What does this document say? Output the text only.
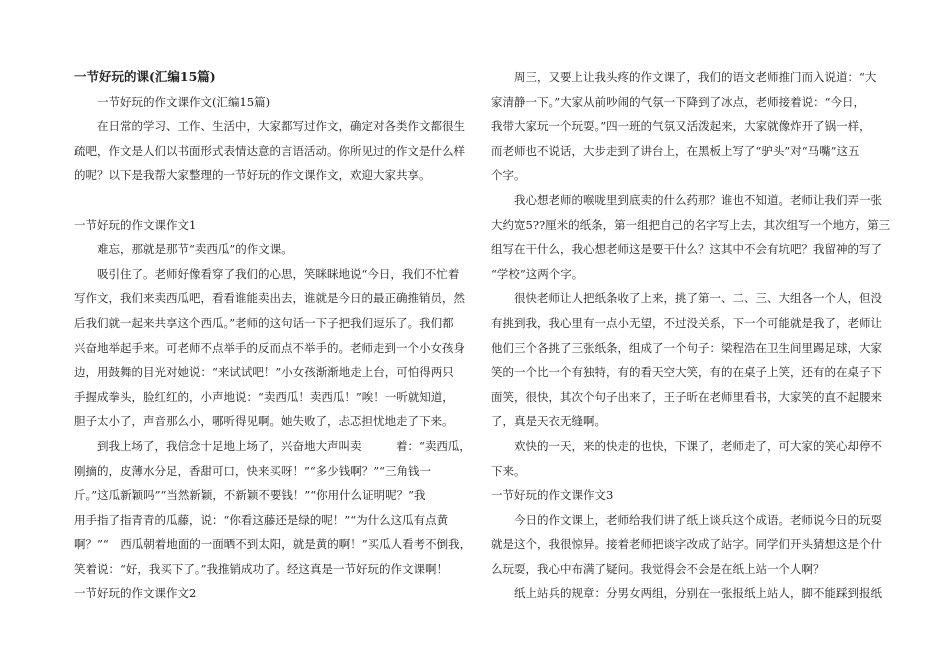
一节好玩的课(汇编15篇)

　　一节好玩的作文课作文(汇编15篇)

　　在日常的学习、工作、生活中，大家都写过作文，确定对各类作文都很生

疏吧，作文是人们以书面形式表情达意的言语活动。你所见过的作文是什么样

的呢？以下是我帮大家整理的一节好玩的作文课作文，欢迎大家共享。

一节好玩的作文课作文1

　　难忘，那就是那节“卖西瓜”的作文课。

　　吸引住了。老师好像看穿了我们的心思，笑眯眯地说“今日，我们不忙着

写作文，我们来卖西瓜吧，看看谁能卖出去，谁就是今日的最正确推销员，然

后我们就一起来共享这个西瓜。”老师的这句话一下子把我们逗乐了。我们都

兴奋地举起手来。可老师不点举手的反而点不举手的。老师走到一个小女孩身

边，用鼓舞的目光对她说：“来试试吧！”小女孩渐渐地走上台，可怕得两只

手握成拳头，脸红红的，小声地说：“卖西瓜！卖西瓜！”唉！一听就知道，

胆子太小了，声音那么小，哪听得见啊。她失败了，忐忑担忧地走了下来。

　　到我上场了，我信念十足地上场了，兴奋地大声叫卖　　　着：“卖西瓜，

刚摘的，皮薄水分足，香甜可口，快来买呀！”“多少钱啊？”“三角钱一

斤。”这瓜新颖吗”“当然新颖，不新颖不要钱！”“你用什么证明呢？”我

用手指了指青青的瓜藤，说：“你看这藤还是绿的呢！”“为什么这瓜有点黄

啊？”“　西瓜朝着地面的一面晒不到太阳，就是黄的啊！”买瓜人看考不倒我，

笑着说：“好，我买下了。”我推销成功了。经这真是一节好玩的作文课啊！

一节好玩的作文课作文2

　　周三，又要上让我头疼的作文课了，我们的语文老师推门而入说道：“大

家清静一下。”大家从前吵闹的气氛一下降到了冰点，老师接着说：“今日，

我带大家玩一个玩耍。”四一班的气氛又活泼起来，大家就像炸开了锅一样，

而老师也不说话，大步走到了讲台上，在黑板上写了“驴头”对“马嘴”这五

个字。

　　我心想老师的喉咙里到底卖的什么药那？谁也不知道。老师让我们弄一张

大约宽5??厘米的纸条，第一组把自己的名字写上去，其次组写一个地方，第三

组写在干什么，我心想老师这是要干什么？这其中不会有坑吧？我留神的写了

“学校”这两个字。

　　很快老师让人把纸条收了上来，挑了第一、二、三、大组各一个人，但没

有挑到我，我心里有一点小无望，不过没关系，下一个可能就是我了，老师让

他们三个各挑了三张纸条，组成了一个句子：梁程浩在卫生间里踢足球，大家

笑的一个比一个有独特，有的看天空大笑，有的在桌子上笑，还有的在桌子下

面笑，很快，其次个句子出来了，王子昕在老师里看书，大家笑的直不起腰来

了，真是天衣无缝啊。

　　欢快的一天，来的快走的也快，下课了，老师走了，可大家的笑心却停不

下来。

一节好玩的作文课作文3

　　今日的作文课上，老师给我们讲了纸上谈兵这个成语。老师说今日的玩耍

就是这个，我很惊异。接着老师把谈字改成了站字。同学们开头猜想这是个什

么玩耍，我心中布满了疑问。我觉得会不会是在纸上站一个人啊？

　　纸上站兵的规章：分男女两组，分别在一张报纸上站人，脚不能踩到报纸
